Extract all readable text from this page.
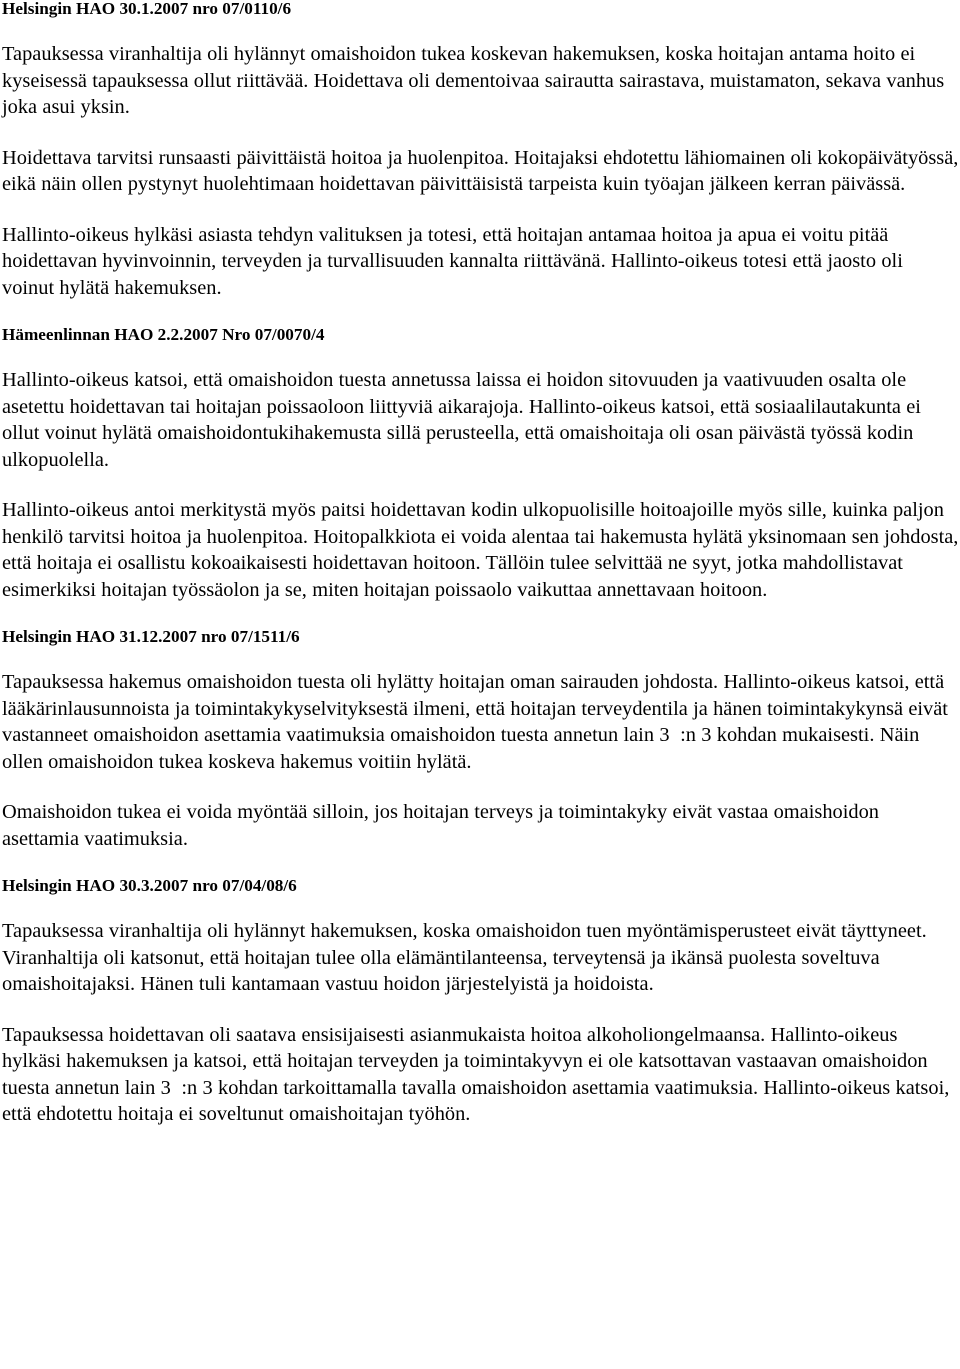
Helsingin HAO 30.1.2007 nro 07/0110/6

Tapauksessa viranhaltija oli hylännyt omaishoidon tukea koskevan hakemuksen, koska hoitajan antama hoito ei kyseisessä tapauksessa ollut riittävää. Hoidettava oli dementoivaa sairautta sairastava, muistamaton, sekava vanhus joka asui yksin.

Hoidettava tarvitsi runsaasti päivittäistä hoitoa ja huolenpitoa. Hoitajaksi ehdotettu lähiomainen oli kokopäivätyössä, eikä näin ollen pystynyt huolehtimaan hoidettavan päivittäisistä tarpeista kuin työajan jälkeen kerran päivässä.

Hallinto-oikeus hylkäsi asiasta tehdyn valituksen ja totesi, että hoitajan antamaa hoitoa ja apua ei voitu pitää hoidettavan hyvinvoinnin, terveyden ja turvallisuuden kannalta riittävänä. Hallinto-oikeus totesi että jaosto oli voinut hylätä hakemuksen.

Hämeenlinnan HAO 2.2.2007 Nro 07/0070/4

Hallinto-oikeus katsoi, että omaishoidon tuesta annetussa laissa ei hoidon sitovuuden ja vaativuuden osalta ole asetettu hoidettavan tai hoitajan poissaoloon liittyviä aikarajoja. Hallinto-oikeus katsoi, että sosiaalilautakunta ei ollut voinut hylätä omaishoidontukihakemusta sillä perusteella, että omaishoitaja oli osan päivästä työssä kodin ulkopuolella.

Hallinto-oikeus antoi merkitystä myös paitsi hoidettavan kodin ulkopuolisille hoitoajoille myös sille, kuinka paljon henkilö tarvitsi hoitoa ja huolenpitoa. Hoitopalkkiota ei voida alentaa tai hakemusta hylätä yksinomaan sen johdosta, että hoitaja ei osallistu kokoaikaisesti hoidettavan hoitoon. Tällöin tulee selvittää ne syyt, jotka mahdollistavat esimerkiksi hoitajan työssäolon ja se, miten hoitajan poissaolo vaikuttaa annettavaan hoitoon.

Helsingin HAO 31.12.2007 nro 07/1511/6

Tapauksessa hakemus omaishoidon tuesta oli hylätty hoitajan oman sairauden johdosta. Hallinto-oikeus katsoi, että lääkärinlausunnoista ja toimintakykyselvityksestä ilmeni, että hoitajan terveydentila ja hänen toimintakykynsä eivät vastanneet omaishoidon asettamia vaatimuksia omaishoidon tuesta annetun lain 3  :n 3 kohdan mukaisesti. Näin ollen omaishoidon tukea koskeva hakemus voitiin hylätä.

Omaishoidon tukea ei voida myöntää silloin, jos hoitajan terveys ja toimintakyky eivät vastaa omaishoidon asettamia vaatimuksia.

Helsingin HAO 30.3.2007 nro 07/04/08/6

Tapauksessa viranhaltija oli hylännyt hakemuksen, koska omaishoidon tuen myöntämisperusteet eivät täyttyneet. Viranhaltija oli katsonut, että hoitajan tulee olla elämäntilanteensa, terveytensä ja ikänsä puolesta soveltuva omaishoitajaksi. Hänen tuli kantamaan vastuu hoidon järjestelyistä ja hoidoista.

Tapauksessa hoidettavan oli saatava ensisijaisesti asianmukaista hoitoa alkoholiongelmaansa. Hallinto-oikeus hylkäsi hakemuksen ja katsoi, että hoitajan terveyden ja toimintakyvyn ei ole katsottavan vastaavan omaishoidon tuesta annetun lain 3  :n 3 kohdan tarkoittamalla tavalla omaishoidon asettamia vaatimuksia. Hallinto-oikeus katsoi, että ehdotettu hoitaja ei soveltunut omaishoitajan työhön.
